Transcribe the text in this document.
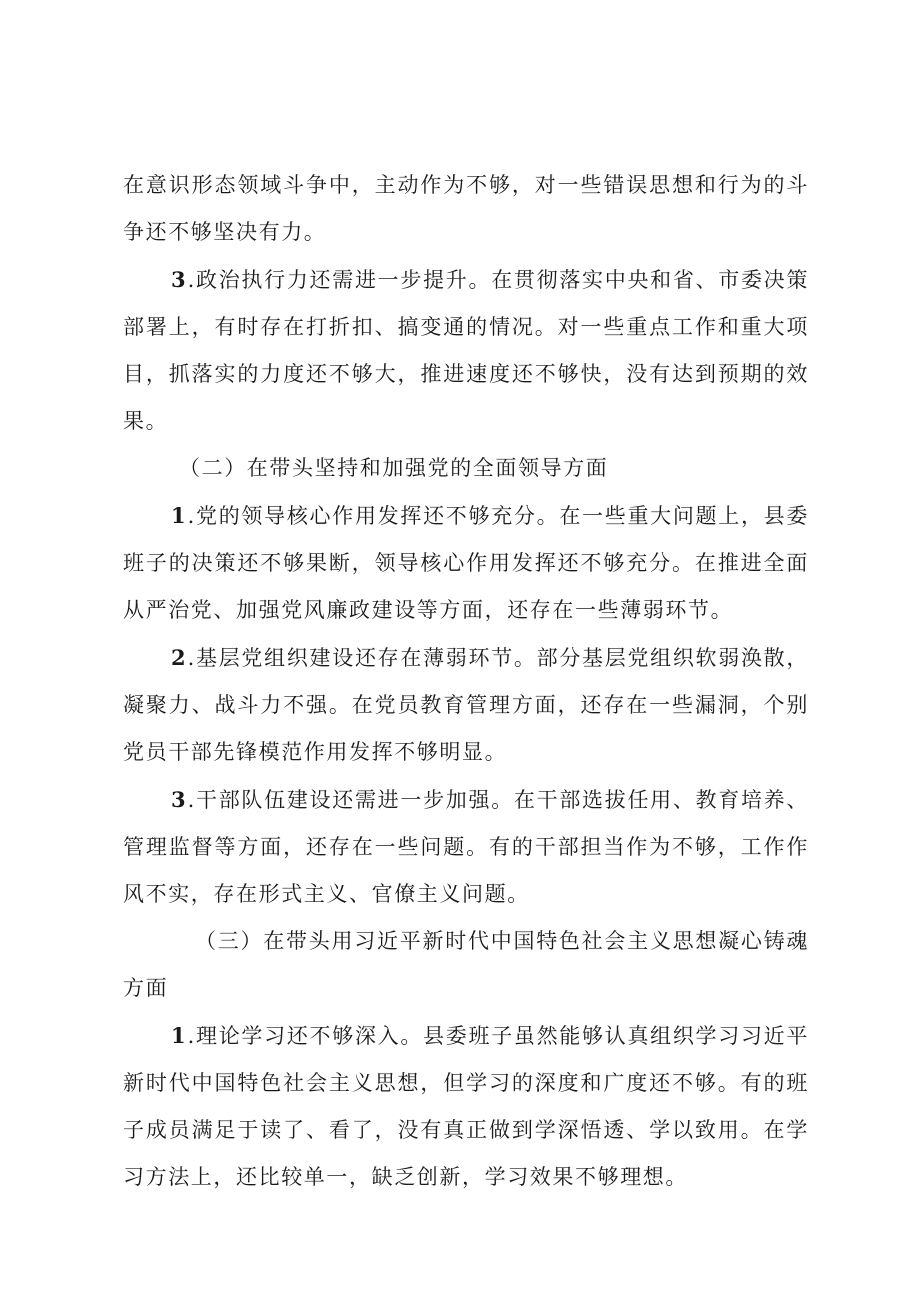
在意识形态领域斗争中，主动作为不够，对一些错误思想和行为的斗争还不够坚决有力。

3.政治执行力还需进一步提升。在贯彻落实中央和省、市委决策部署上，有时存在打折扣、搞变通的情况。对一些重点工作和重大项目，抓落实的力度还不够大，推进速度还不够快，没有达到预期的效果。

（二）在带头坚持和加强党的全面领导方面

1.党的领导核心作用发挥还不够充分。在一些重大问题上，县委班子的决策还不够果断，领导核心作用发挥还不够充分。在推进全面从严治党、加强党风廉政建设等方面，还存在一些薄弱环节。

2.基层党组织建设还存在薄弱环节。部分基层党组织软弱涣散，凝聚力、战斗力不强。在党员教育管理方面，还存在一些漏洞，个别党员干部先锋模范作用发挥不够明显。

3.干部队伍建设还需进一步加强。在干部选拔任用、教育培养、管理监督等方面，还存在一些问题。有的干部担当作为不够，工作作风不实，存在形式主义、官僚主义问题。

（三）在带头用习近平新时代中国特色社会主义思想凝心铸魂方面

1.理论学习还不够深入。县委班子虽然能够认真组织学习习近平新时代中国特色社会主义思想，但学习的深度和广度还不够。有的班子成员满足于读了、看了，没有真正做到学深悟透、学以致用。在学习方法上，还比较单一，缺乏创新，学习效果不够理想。
